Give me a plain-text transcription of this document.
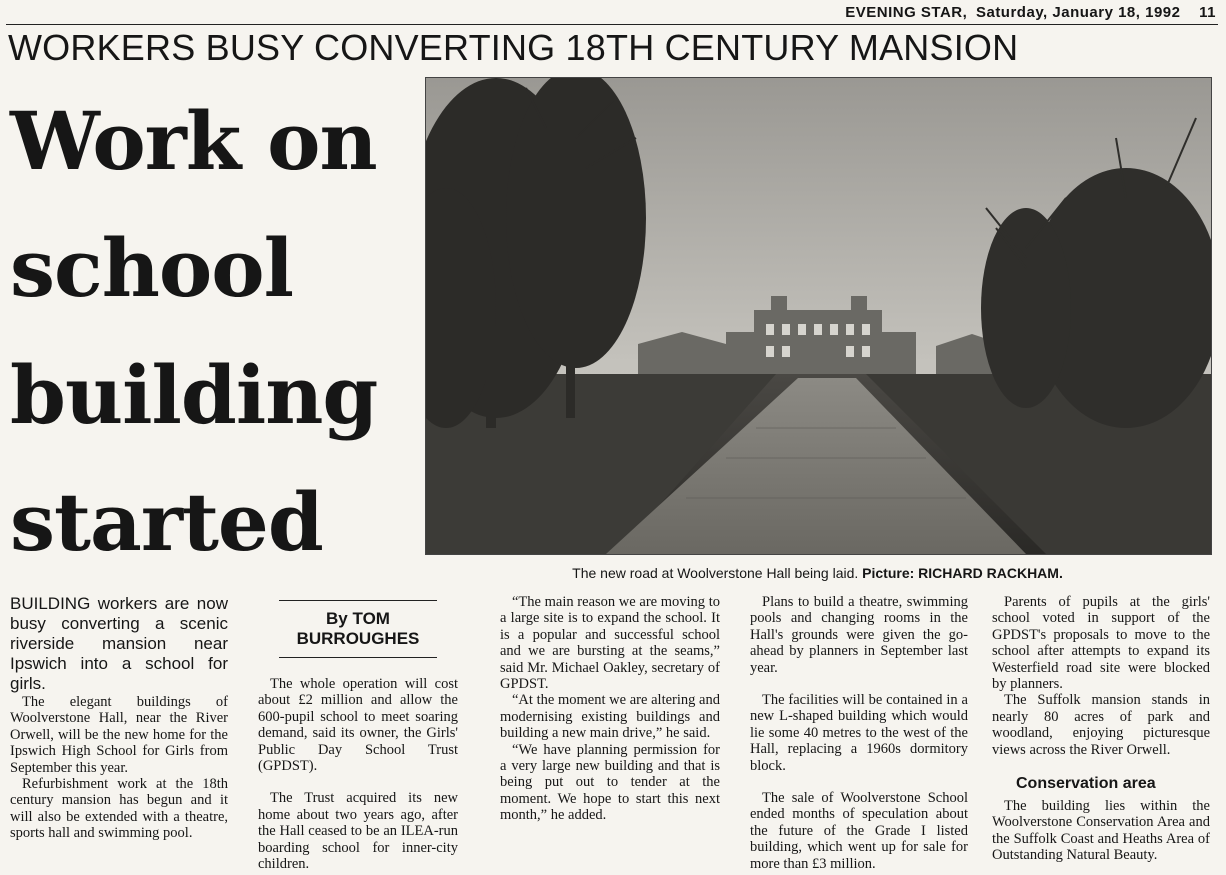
EVENING STAR, Saturday, January 18, 1992 11
WORKERS BUSY CONVERTING 18TH CENTURY MANSION
Work on
school
building
started
The new road at Woolverstone Hall being laid. Picture: RICHARD RACKHAM.

BUILDING workers are now busy converting a scenic riverside mansion near Ipswich into a school for girls.

The elegant buildings of Woolverstone Hall, near the River Orwell, will be the new home for the Ipswich High School for Girls from September this year.

Refurbishment work at the 18th century mansion has begun and it will also be extended with a theatre, sports hall and swimming pool.

By TOM
BURROUGHES

The whole operation will cost about £2 million and allow the 600-pupil school to meet soaring demand, said its owner, the Girls' Public Day School Trust (GPDST).

The Trust acquired its new home about two years ago, after the Hall ceased to be an ILEA-run boarding school for inner-city children.

“The main reason we are moving to a large site is to expand the school. It is a popular and successful school and we are bursting at the seams,” said Mr. Michael Oakley, secretary of GPDST.

“At the moment we are altering and modernising existing buildings and building a new main drive,” he said.

“We have planning permission for a very large new building and that is being put out to tender at the moment. We hope to start this next month,” he added.

Plans to build a theatre, swimming pools and changing rooms in the Hall's grounds were given the go-ahead by planners in September last year.

The facilities will be contained in a new L-shaped building which would lie some 40 metres to the west of the Hall, replacing a 1960s dormitory block.

The sale of Woolverstone School ended months of speculation about the future of the Grade I listed building, which went up for sale for more than £3 million.

Parents of pupils at the girls' school voted in support of the GPDST's proposals to move to the school after attempts to expand its Westerfield road site were blocked by planners.

The Suffolk mansion stands in nearly 80 acres of park and woodland, enjoying picturesque views across the River Orwell.

Conservation area

The building lies within the Woolverstone Conservation Area and the Suffolk Coast and Heaths Area of Outstanding Natural Beauty.
